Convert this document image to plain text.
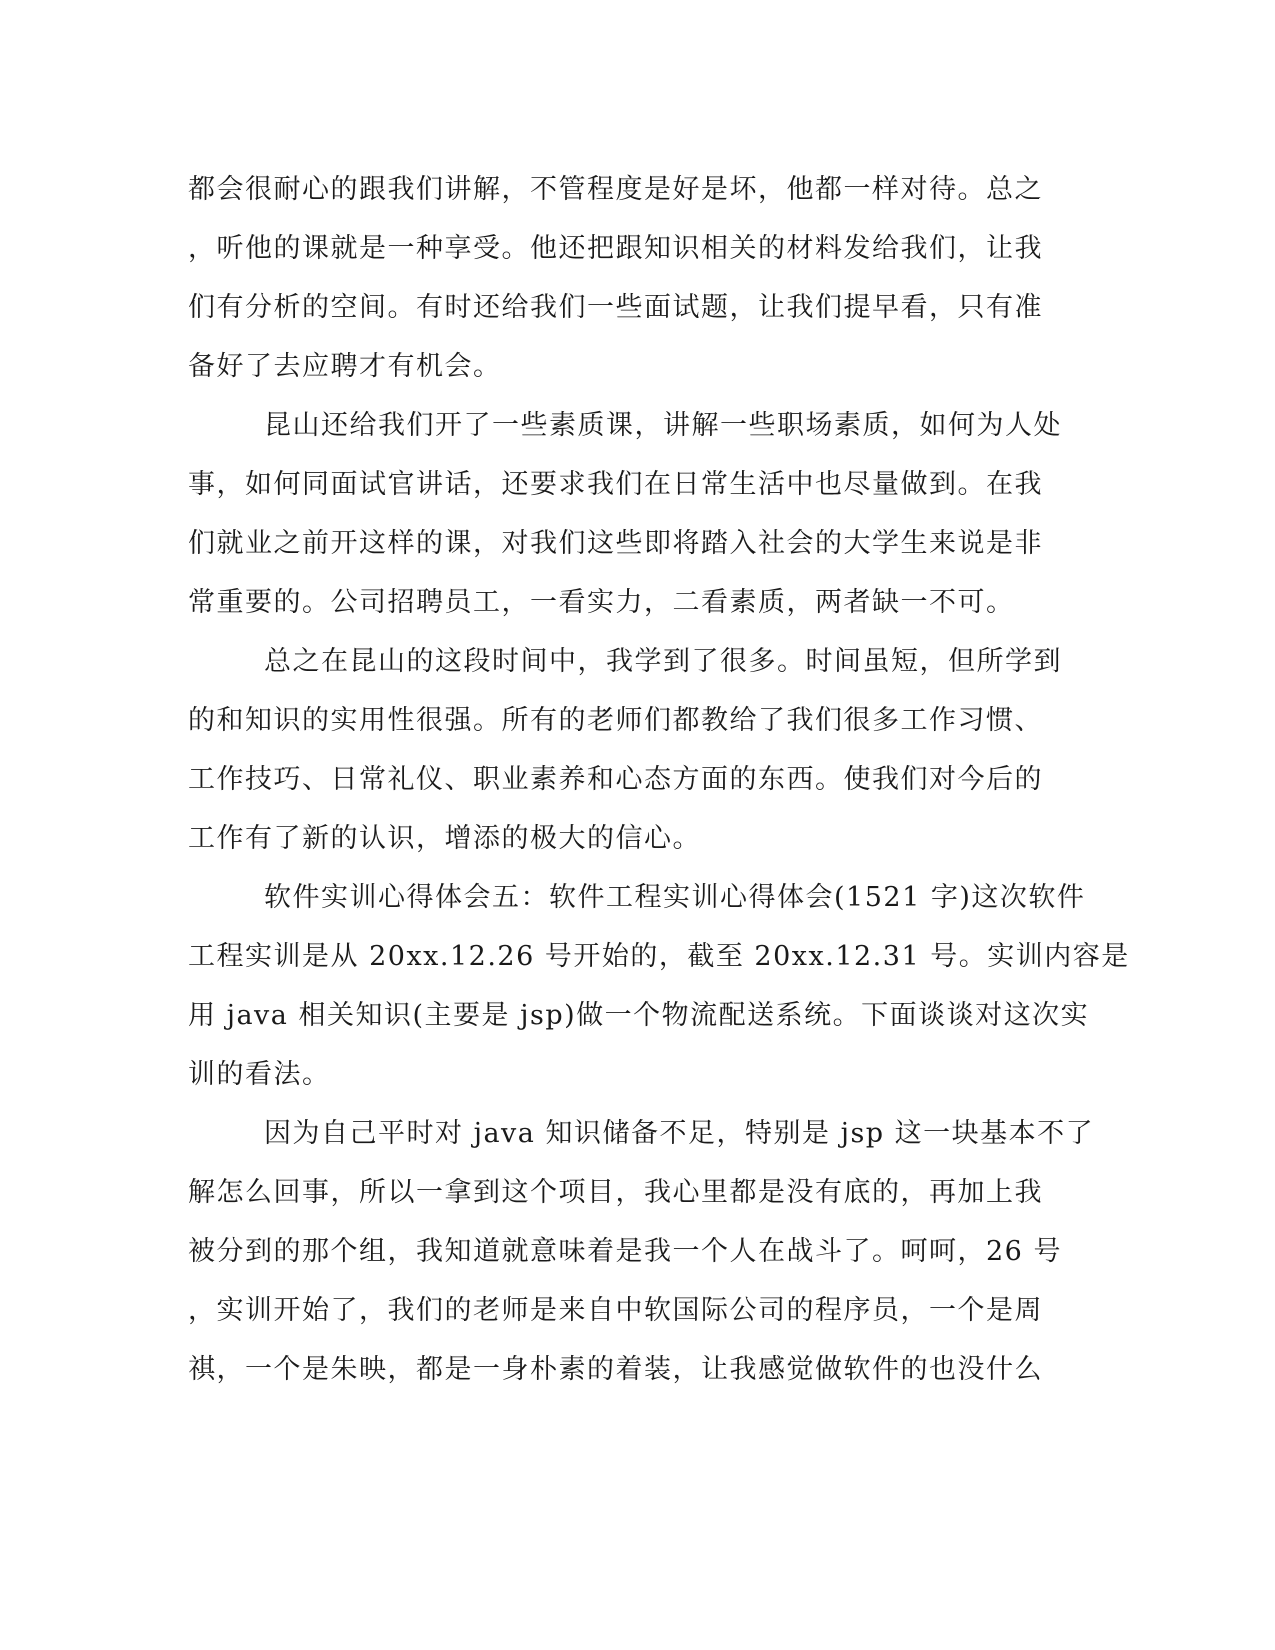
都会很耐心的跟我们讲解，不管程度是好是坏，他都一样对待。总之
，听他的课就是一种享受。他还把跟知识相关的材料发给我们，让我
们有分析的空间。有时还给我们一些面试题，让我们提早看，只有准
备好了去应聘才有机会。
昆山还给我们开了一些素质课，讲解一些职场素质，如何为人处
事，如何同面试官讲话，还要求我们在日常生活中也尽量做到。在我
们就业之前开这样的课，对我们这些即将踏入社会的大学生来说是非
常重要的。公司招聘员工，一看实力，二看素质，两者缺一不可。
总之在昆山的这段时间中，我学到了很多。时间虽短，但所学到
的和知识的实用性很强。所有的老师们都教给了我们很多工作习惯、
工作技巧、日常礼仪、职业素养和心态方面的东西。使我们对今后的
工作有了新的认识，增添的极大的信心。
软件实训心得体会五：软件工程实训心得体会(1521 字)这次软件
工程实训是从 20xx.12.26 号开始的，截至 20xx.12.31 号。实训内容是
用 java 相关知识(主要是 jsp)做一个物流配送系统。下面谈谈对这次实
训的看法。
因为自己平时对 java 知识储备不足，特别是 jsp 这一块基本不了
解怎么回事，所以一拿到这个项目，我心里都是没有底的，再加上我
被分到的那个组，我知道就意味着是我一个人在战斗了。呵呵，26 号
，实训开始了，我们的老师是来自中软国际公司的程序员，一个是周
祺，一个是朱映，都是一身朴素的着装，让我感觉做软件的也没什么
